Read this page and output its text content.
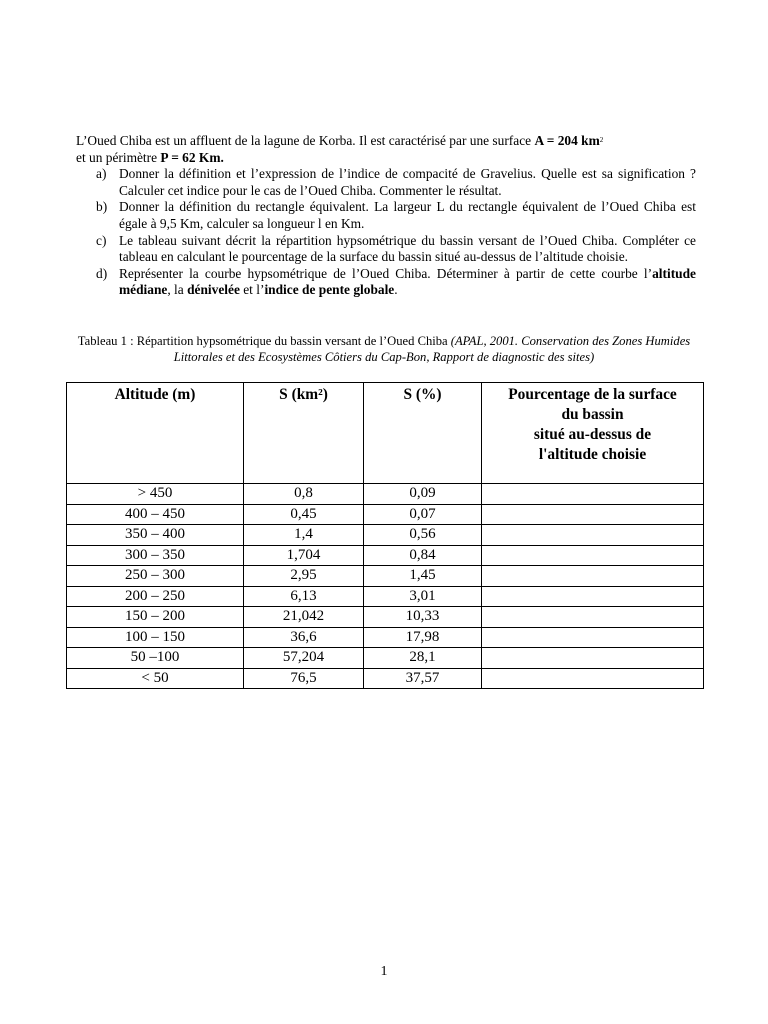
L’Oued Chiba est un affluent de la lagune de Korba. Il est caractérisé par une surface A = 204 $km^2$
et un périmètre P = 62 Km.

a) Donner la définition et l’expression de l’indice de compacité de Gravelius. Quelle est sa signification ? Calculer cet indice pour le cas de l’Oued Chiba. Commenter le résultat.
b) Donner la définition du rectangle équivalent. La largeur L du rectangle équivalent de l’Oued Chiba est égale à 9,5 Km, calculer sa longueur l en Km.
c) Le tableau suivant décrit la répartition hypsométrique du bassin versant de l’Oued Chiba. Compléter ce tableau en calculant le pourcentage de la surface du bassin situé au-dessus de l’altitude choisie.
d) Représenter la courbe hypsométrique de l’Oued Chiba. Déterminer à partir de cette courbe l’altitude médiane, la dénivelée et l’indice de pente globale.
Tableau 1 : Répartition hypsométrique du bassin versant de l’Oued Chiba (APAL, 2001. Conservation des Zones Humides Littorales et des Ecosystèmes Côtiers du Cap-Bon, Rapport de diagnostic des sites)
Altitude (m)	S (km²)	S (%)	Pourcentage de la surface
du bassin
situé au-dessus de
l'altitude choisie
> 450	0,8	0,09	
400 – 450	0,45	0,07	
350 – 400	1,4	0,56	
300 – 350	1,704	0,84	
250 – 300	2,95	1,45	
200 – 250	6,13	3,01	
150 – 200	21,042	10,33	
100 – 150	36,6	17,98	
50 –100	57,204	28,1	
< 50	76,5	37,57	
1
